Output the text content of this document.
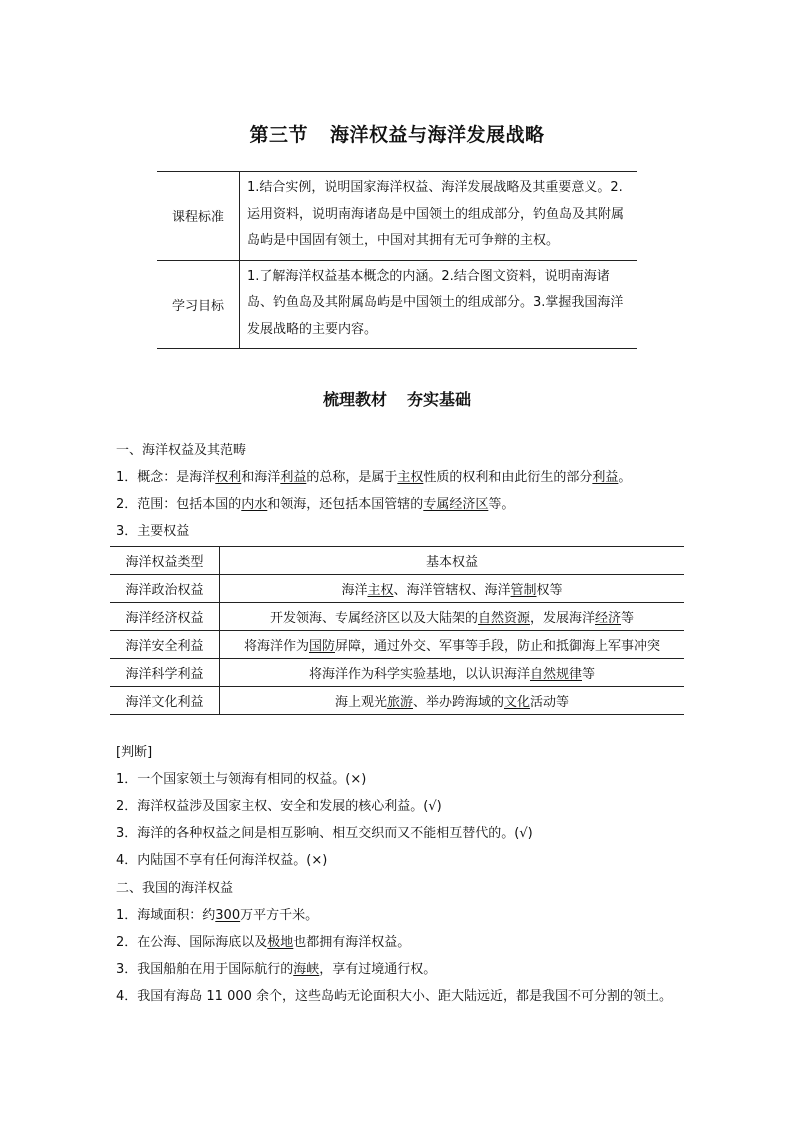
第三节 海洋权益与海洋发展战略
课程标准	1.结合实例，说明国家海洋权益、海洋发展战略及其重要意义。2.运用资料，说明南海诸岛是中国领土的组成部分，钓鱼岛及其附属岛屿是中国固有领土，中国对其拥有无可争辩的主权。
学习目标	1.了解海洋权益基本概念的内涵。2.结合图文资料，说明南海诸岛、钓鱼岛及其附属岛屿是中国领土的组成部分。3.掌握我国海洋发展战略的主要内容。
梳理教材 夯实基础
一、海洋权益及其范畴
1．概念：是海洋权利和海洋利益的总称，是属于主权性质的权利和由此衍生的部分利益。
2．范围：包括本国的内水和领海，还包括本国管辖的专属经济区等。
3．主要权益
海洋权益类型	基本权益
海洋政治权益	海洋主权、海洋管辖权、海洋管制权等
海洋经济权益	开发领海、专属经济区以及大陆架的自然资源，发展海洋经济等
海洋安全利益	将海洋作为国防屏障，通过外交、军事等手段，防止和抵御海上军事冲突
海洋科学利益	将海洋作为科学实验基地，以认识海洋自然规律等
海洋文化利益	海上观光旅游、举办跨海域的文化活动等
[判断]
1．一个国家领土与领海有相同的权益。(×)
2．海洋权益涉及国家主权、安全和发展的核心利益。(√)
3．海洋的各种权益之间是相互影响、相互交织而又不能相互替代的。(√)
4．内陆国不享有任何海洋权益。(×)
二、我国的海洋权益
1．海域面积：约300万平方千米。
2．在公海、国际海底以及极地也都拥有海洋权益。
3．我国船舶在用于国际航行的海峡，享有过境通行权。
4．我国有海岛 11 000 余个，这些岛屿无论面积大小、距大陆远近，都是我国不可分割的领土。
